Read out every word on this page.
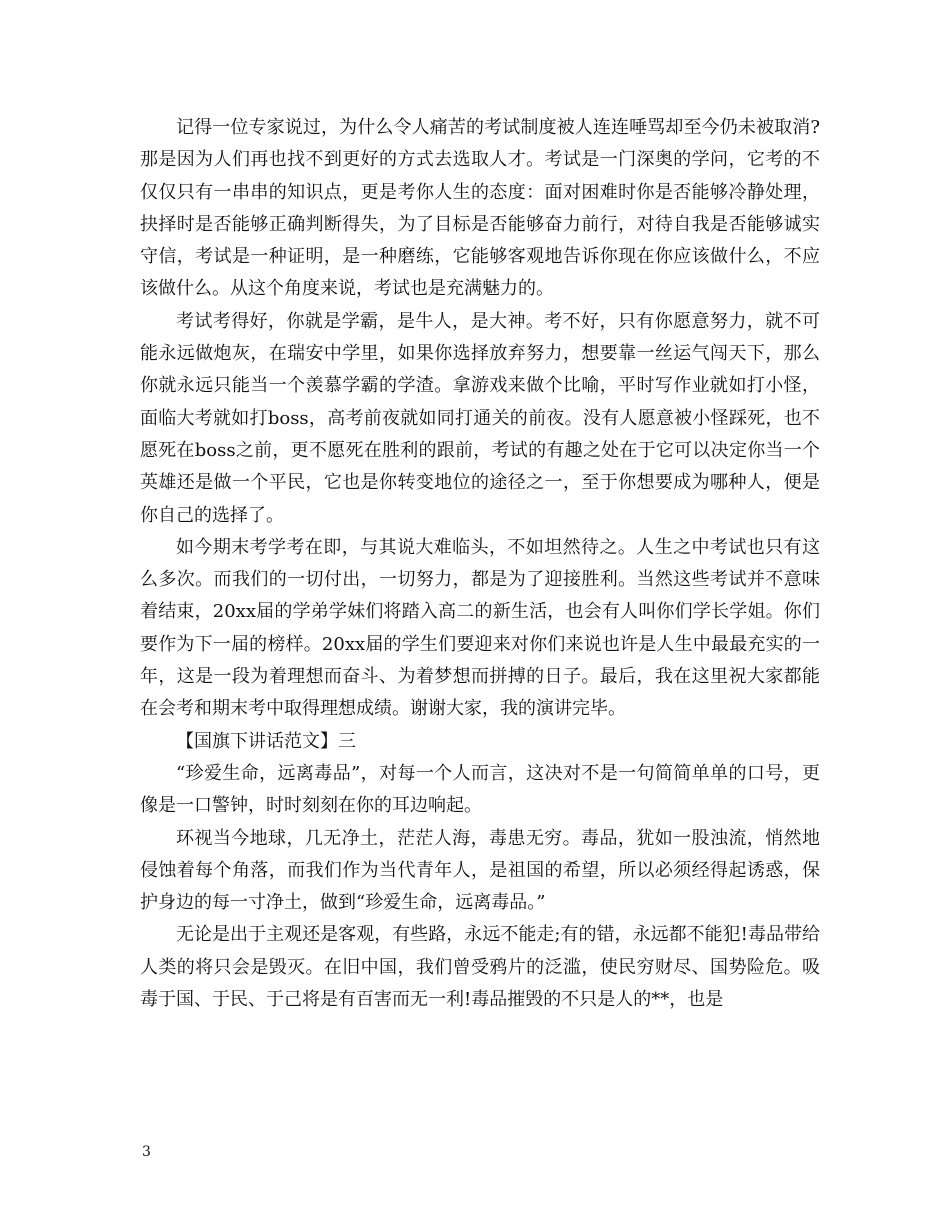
记得一位专家说过，为什么令人痛苦的考试制度被人连连唾骂却至今仍未被取消?那是因为人们再也找不到更好的方式去选取人才。考试是一门深奥的学问，它考的不仅仅只有一串串的知识点，更是考你人生的态度：面对困难时你是否能够冷静处理，抉择时是否能够正确判断得失，为了目标是否能够奋力前行，对待自我是否能够诚实守信，考试是一种证明，是一种磨练，它能够客观地告诉你现在你应该做什么，不应该做什么。从这个角度来说，考试也是充满魅力的。

考试考得好，你就是学霸，是牛人，是大神。考不好，只有你愿意努力，就不可能永远做炮灰，在瑞安中学里，如果你选择放弃努力，想要靠一丝运气闯天下，那么你就永远只能当一个羡慕学霸的学渣。拿游戏来做个比喻，平时写作业就如打小怪，面临大考就如打boss，高考前夜就如同打通关的前夜。没有人愿意被小怪踩死，也不愿死在boss之前，更不愿死在胜利的跟前，考试的有趣之处在于它可以决定你当一个英雄还是做一个平民，它也是你转变地位的途径之一，至于你想要成为哪种人，便是你自己的选择了。

如今期末考学考在即，与其说大难临头，不如坦然待之。人生之中考试也只有这么多次。而我们的一切付出，一切努力，都是为了迎接胜利。当然这些考试并不意味着结束，20xx届的学弟学妹们将踏入高二的新生活，也会有人叫你们学长学姐。你们要作为下一届的榜样。20xx届的学生们要迎来对你们来说也许是人生中最最充实的一年，这是一段为着理想而奋斗、为着梦想而拼搏的日子。最后，我在这里祝大家都能在会考和期末考中取得理想成绩。谢谢大家，我的演讲完毕。

【国旗下讲话范文】三

“珍爱生命，远离毒品”，对每一个人而言，这决对不是一句简简单单的口号，更像是一口警钟，时时刻刻在你的耳边响起。

环视当今地球，几无净土，茫茫人海，毒患无穷。毒品，犹如一股浊流，悄然地侵蚀着每个角落，而我们作为当代青年人，是祖国的希望，所以必须经得起诱惑，保护身边的每一寸净土，做到“珍爱生命，远离毒品。”

无论是出于主观还是客观，有些路，永远不能走;有的错，永远都不能犯!毒品带给人类的将只会是毁灭。在旧中国，我们曾受鸦片的泛滥，使民穷财尽、国势险危。吸毒于国、于民、于己将是有百害而无一利!毒品摧毁的不只是人的**，也是

3
